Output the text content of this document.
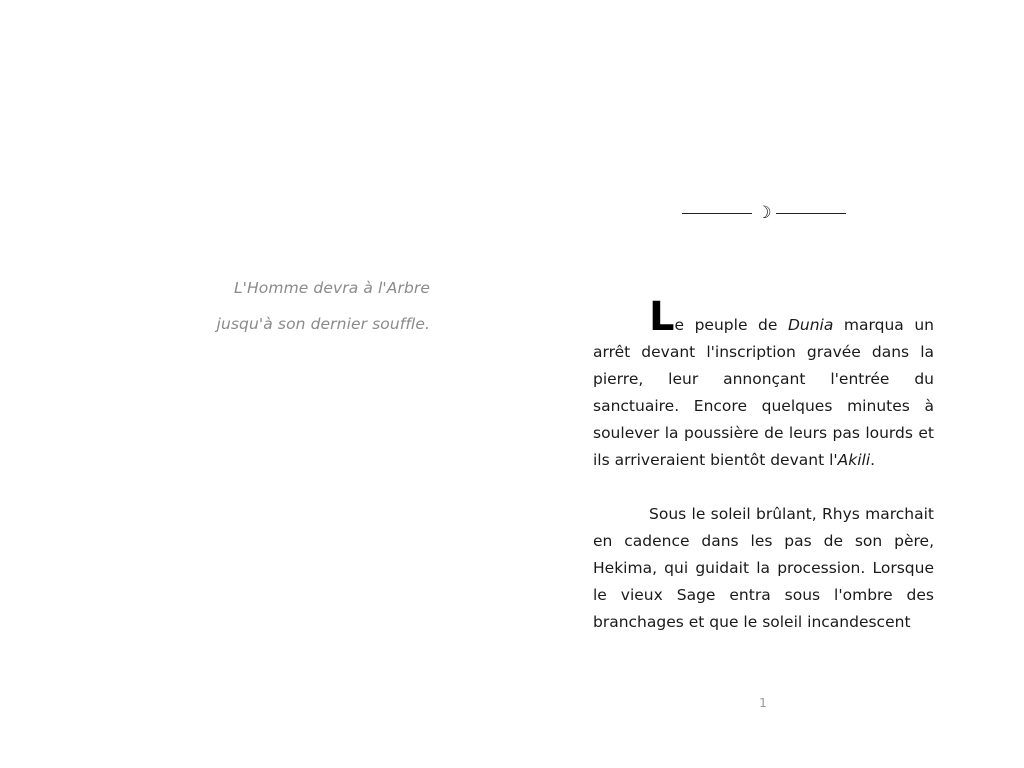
L'Homme devra à l'Arbre
jusqu'à son dernier souffle.
☽

Le peuple de Dunia marqua un arrêt devant l'inscription gravée dans la pierre, leur annonçant l'entrée du sanctuaire. Encore quelques minutes à soulever la poussière de leurs pas lourds et ils arriveraient bientôt devant l'Akili.

Sous le soleil brûlant, Rhys marchait en cadence dans les pas de son père, Hekima, qui guidait la procession. Lorsque le vieux Sage entra sous l'ombre des branchages et que le soleil incandescent

1
